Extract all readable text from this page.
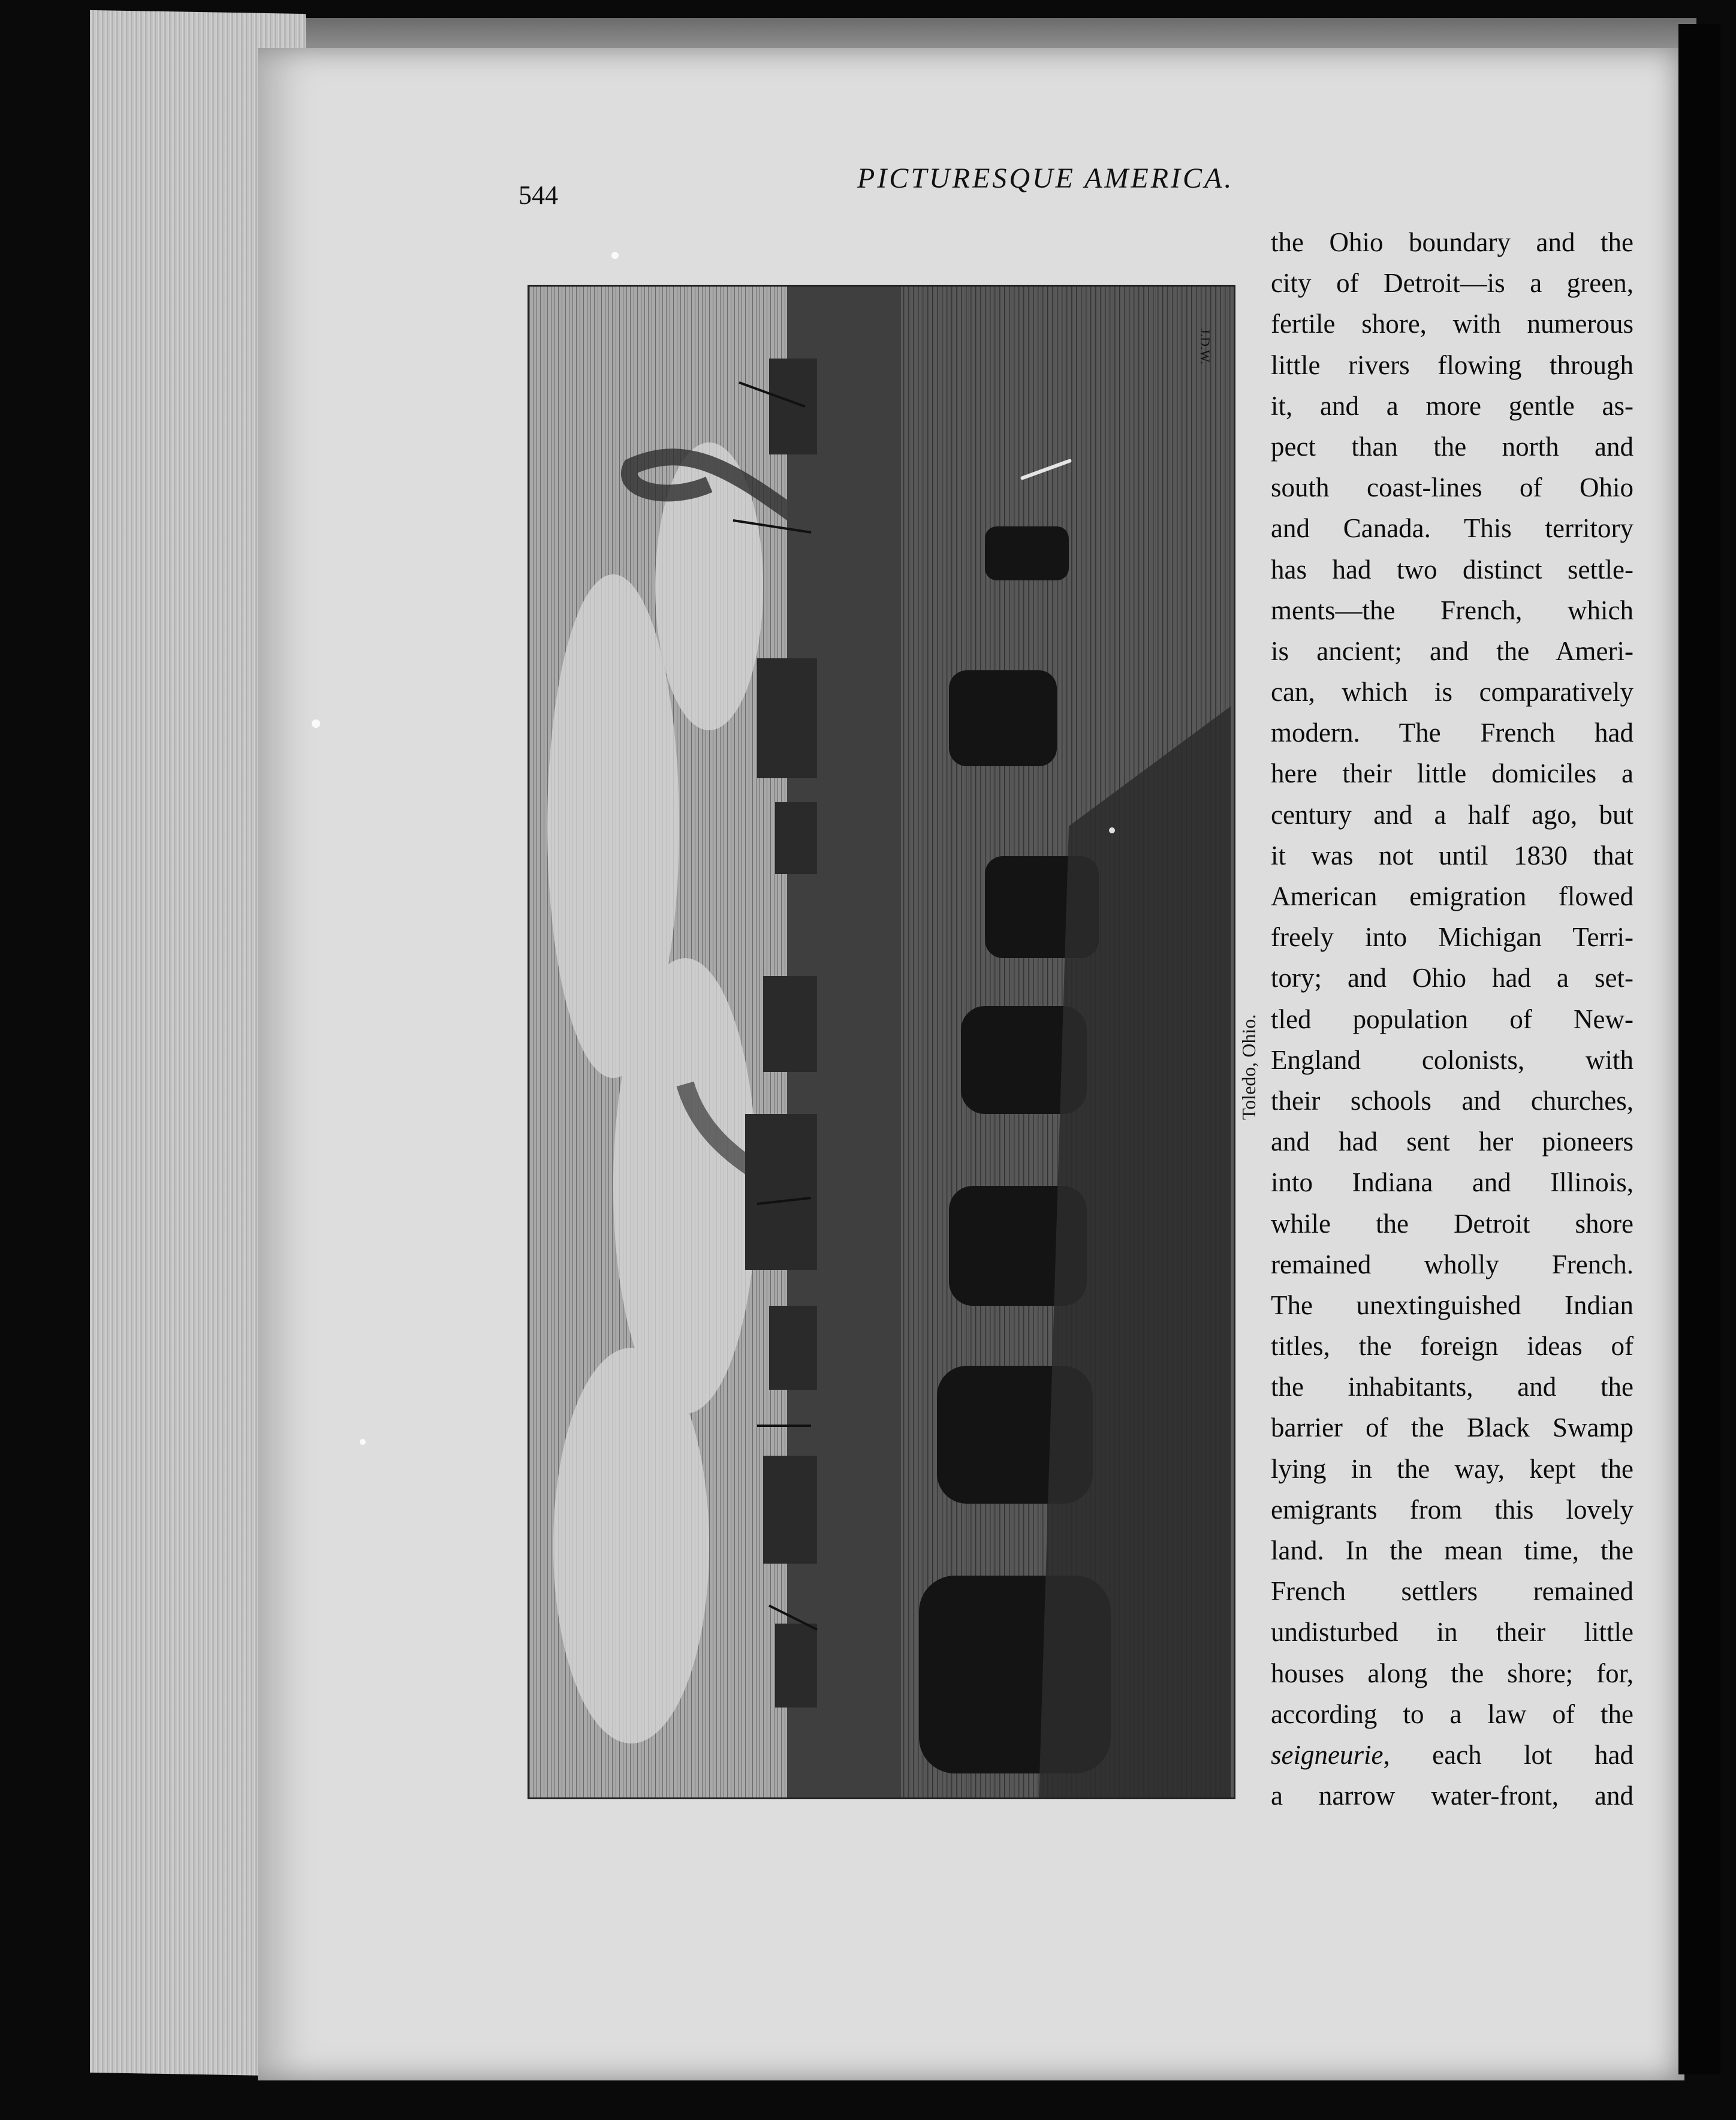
544
PICTURESQUE AMERICA.
J.D.W.
Toledo, Ohio.
the Ohio boundary and the
city of Detroit—is a green,
fertile shore, with numerous
little rivers flowing through
it, and a more gentle as-
pect than the north and
south coast-lines of Ohio
and Canada. This territory
has had two distinct settle-
ments—the French, which
is ancient; and the Ameri-
can, which is comparatively
modern. The French had
here their little domiciles a
century and a half ago, but
it was not until 1830 that
American emigration flowed
freely into Michigan Terri-
tory; and Ohio had a set-
tled population of New-
England colonists, with
their schools and churches,
and had sent her pioneers
into Indiana and Illinois,
while the Detroit shore
remained wholly French.
The unextinguished Indian
titles, the foreign ideas of
the inhabitants, and the
barrier of the Black Swamp
lying in the way, kept the
emigrants from this lovely
land. In the mean time, the
French settlers remained
undisturbed in their little
houses along the shore; for,
according to a law of the
seigneurie, each lot had
a narrow water-front, and
